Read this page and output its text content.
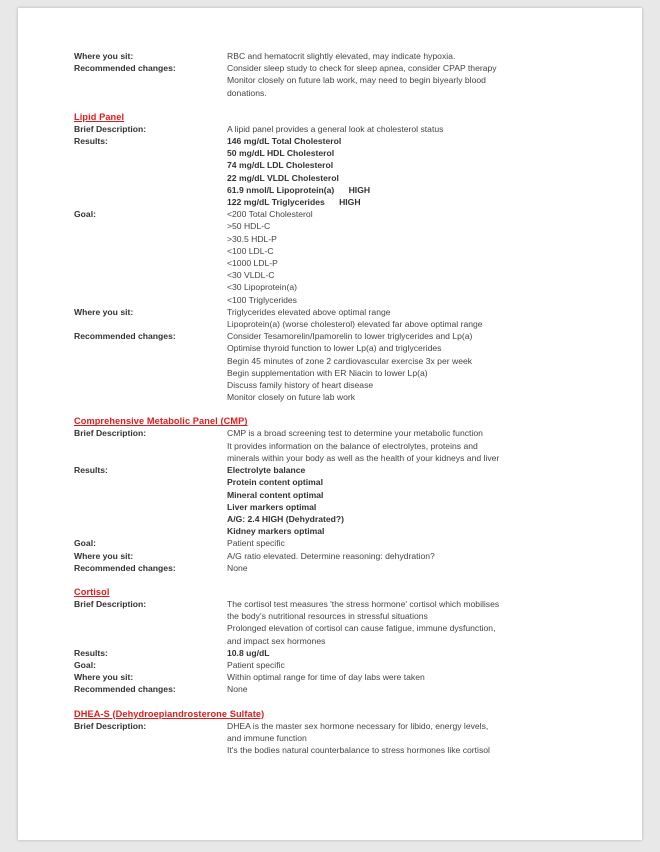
Where you sit:	RBC and hematocrit slightly elevated, may indicate hypoxia.
Recommended changes:	Consider sleep study to check for sleep apnea, consider CPAP therapy
Monitor closely on future lab work, may need to begin biyearly blood
donations.
Lipid Panel
Brief Description:	A lipid panel provides a general look at cholesterol status
Results:	146 mg/dL Total Cholesterol
50 mg/dL HDL Cholesterol
74 mg/dL LDL Cholesterol
22 mg/dL VLDL Cholesterol
61.9 nmol/L Lipoprotein(a)      HIGH
122 mg/dL Triglycerides      HIGH
Goal:	<200 Total Cholesterol
>50 HDL-C
>30.5 HDL-P
<100 LDL-C
<1000 LDL-P
<30 VLDL-C
<30 Lipoprotein(a)
<100 Triglycerides
Where you sit:	Triglycerides elevated above optimal range
Lipoprotein(a) (worse cholesterol) elevated far above optimal range
Recommended changes:	Consider Tesamorelin/Ipamorelin to lower triglycerides and Lp(a)
Optimise thyroid function to lower Lp(a) and triglycerides
Begin 45 minutes of zone 2 cardiovascular exercise 3x per week
Begin supplementation with ER Niacin to lower Lp(a)
Discuss family history of heart disease
Monitor closely on future lab work
Comprehensive Metabolic Panel (CMP)
Brief Description:	CMP is a broad screening test to determine your metabolic function
It provides information on the balance of electrolytes, proteins and
minerals within your body as well as the health of your kidneys and liver
Results:	Electrolyte balance
Protein content optimal
Mineral content optimal
Liver markers optimal
A/G: 2.4 HIGH (Dehydrated?)
Kidney markers optimal
Goal:	Patient specific
Where you sit:	A/G ratio elevated. Determine reasoning: dehydration?
Recommended changes:	None
Cortisol
Brief Description:	The cortisol test measures 'the stress hormone' cortisol which mobilises
the body's nutritional resources in stressful situations
Prolonged elevation of cortisol can cause fatigue, immune dysfunction,
and impact sex hormones
Results:	10.8 ug/dL
Goal:	Patient specific
Where you sit:	Within optimal range for time of day labs were taken
Recommended changes:	None
DHEA-S (Dehydroepiandrosterone Sulfate)
Brief Description:	DHEA is the master sex hormone necessary for libido, energy levels,
and immune function
It's the bodies natural counterbalance to stress hormones like cortisol
